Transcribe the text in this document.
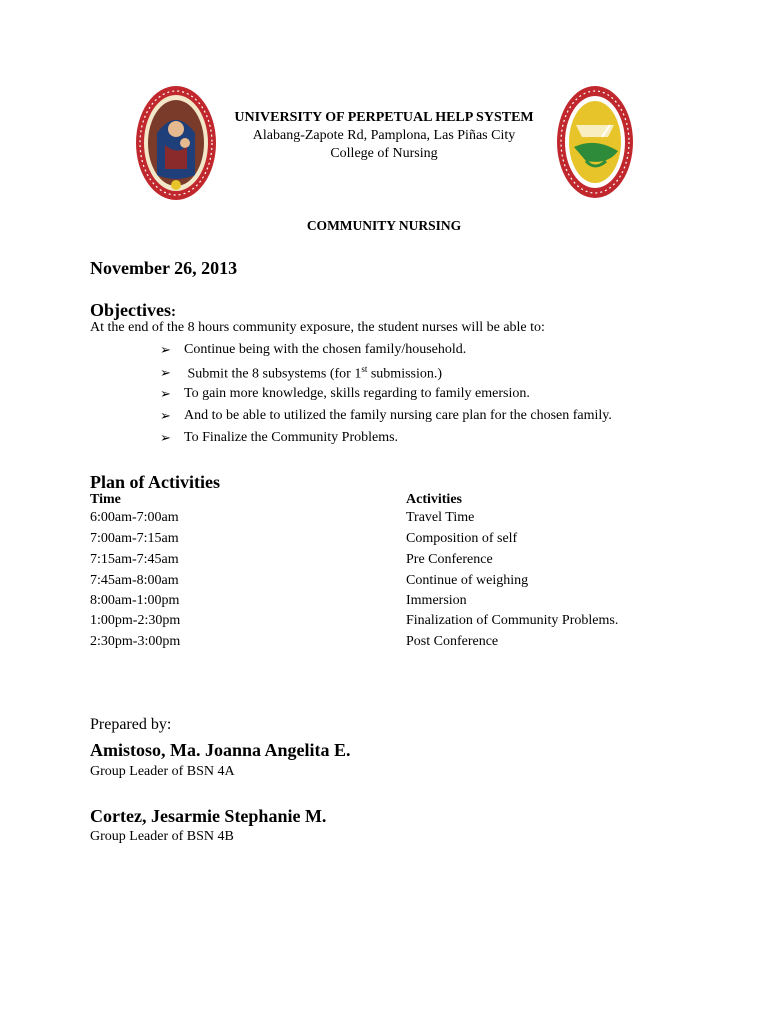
UNIVERSITY OF PERPETUAL HELP SYSTEM
Alabang-Zapote Rd, Pamplona, Las Piñas City
College of Nursing
COMMUNITY NURSING
November 26, 2013
Objectives:
At the end of the 8 hours community exposure, the student nurses will be able to:
➢ Continue being with the chosen family/household.
➢ Submit the 8 subsystems (for 1st submission.)
➢ To gain more knowledge, skills regarding to family emersion.
➢ And to be able to utilized the family nursing care plan for the chosen family.
➢ To Finalize the Community Problems.
Plan of Activities
Time	Activities
6:00am-7:00am	Travel Time
7:00am-7:15am	Composition of self
7:15am-7:45am	Pre Conference
7:45am-8:00am	Continue of weighing
8:00am-1:00pm	Immersion
1:00pm-2:30pm	Finalization of Community Problems.
2:30pm-3:00pm	Post Conference
Prepared by:
Amistoso, Ma. Joanna Angelita E.
Group Leader of BSN 4A
Cortez, Jesarmie Stephanie M.
Group Leader of BSN 4B
